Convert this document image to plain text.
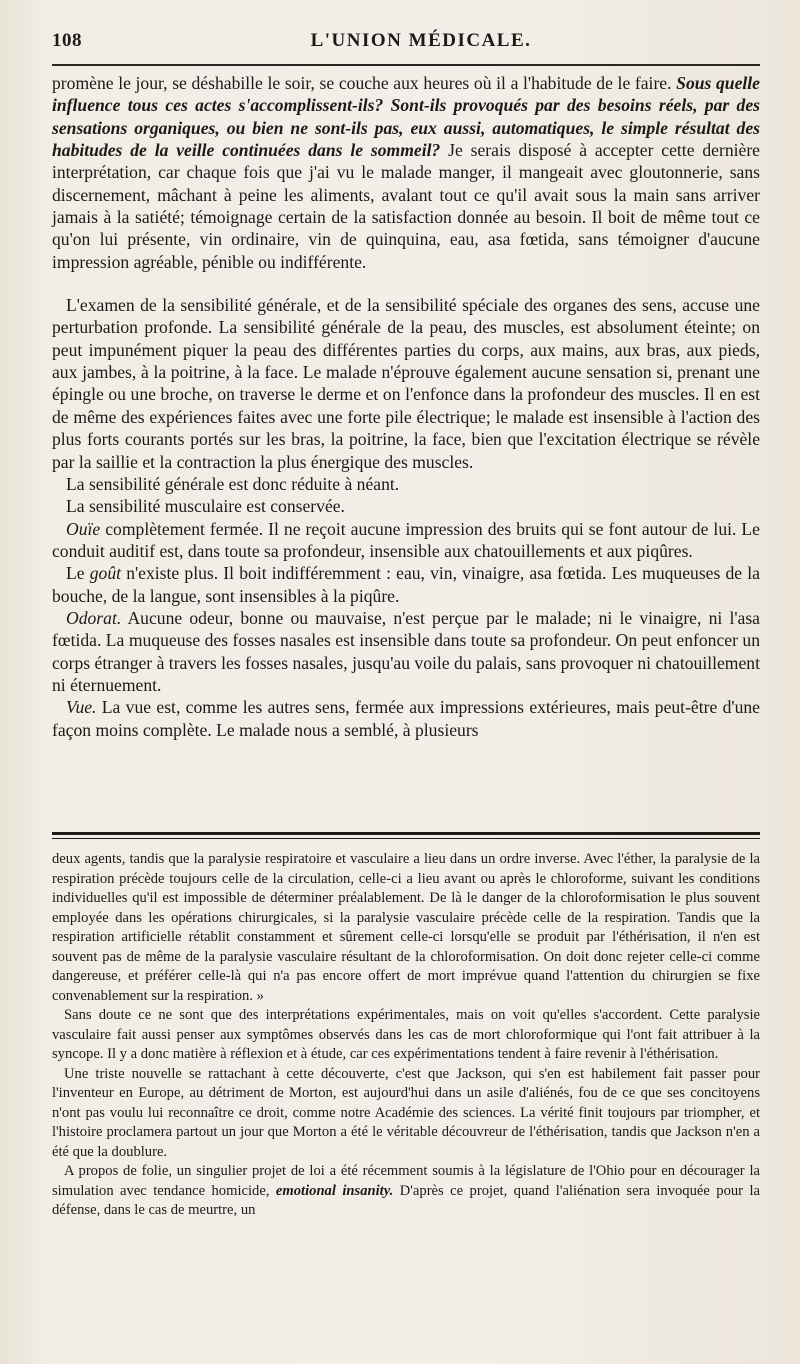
108	L'UNION MÉDICALE.

promène le jour, se déshabille le soir, se couche aux heures où il a l'habitude de le faire. Sous quelle influence tous ces actes s'accomplissent-ils? Sont-ils provoqués par des besoins réels, par des sensations organiques, ou bien ne sont-ils pas, eux aussi, automatiques, le simple résultat des habitudes de la veille continuées dans le sommeil? Je serais disposé à accepter cette dernière interprétation, car chaque fois que j'ai vu le malade manger, il mangeait avec gloutonnerie, sans discernement, mâchant à peine les aliments, avalant tout ce qu'il avait sous la main sans arriver jamais à la satiété; témoignage certain de la satisfaction donnée au besoin. Il boit de même tout ce qu'on lui présente, vin ordinaire, vin de quinquina, eau, asa fœtida, sans témoigner d'aucune impression agréable, pénible ou indifférente.

L'examen de la sensibilité générale, et de la sensibilité spéciale des organes des sens, accuse une perturbation profonde. La sensibilité générale de la peau, des muscles, est absolument éteinte; on peut impunément piquer la peau des différentes parties du corps, aux mains, aux bras, aux pieds, aux jambes, à la poitrine, à la face. Le malade n'éprouve également aucune sensation si, prenant une épingle ou une broche, on traverse le derme et on l'enfonce dans la profondeur des muscles. Il en est de même des expériences faites avec une forte pile électrique; le malade est insensible à l'action des plus forts courants portés sur les bras, la poitrine, la face, bien que l'excitation électrique se révèle par la saillie et la contraction la plus énergique des muscles.

La sensibilité générale est donc réduite à néant.

La sensibilité musculaire est conservée.

Ouïe complètement fermée. Il ne reçoit aucune impression des bruits qui se font autour de lui. Le conduit auditif est, dans toute sa profondeur, insensible aux chatouillements et aux piqûres.

Le goût n'existe plus. Il boit indifféremment : eau, vin, vinaigre, asa fœtida. Les muqueuses de la bouche, de la langue, sont insensibles à la piqûre.

Odorat. Aucune odeur, bonne ou mauvaise, n'est perçue par le malade; ni le vinaigre, ni l'asa fœtida. La muqueuse des fosses nasales est insensible dans toute sa profondeur. On peut enfoncer un corps étranger à travers les fosses nasales, jusqu'au voile du palais, sans provoquer ni chatouillement ni éternuement.

Vue. La vue est, comme les autres sens, fermée aux impressions extérieures, mais peut-être d'une façon moins complète. Le malade nous a semblé, à plusieurs

deux agents, tandis que la paralysie respiratoire et vasculaire a lieu dans un ordre inverse. Avec l'éther, la paralysie de la respiration précède toujours celle de la circulation, celle-ci a lieu avant ou après le chloroforme, suivant les conditions individuelles qu'il est impossible de déterminer préalablement. De là le danger de la chloroformisation le plus souvent employée dans les opérations chirurgicales, si la paralysie vasculaire précède celle de la respiration. Tandis que la respiration artificielle rétablit constamment et sûrement celle-ci lorsqu'elle se produit par l'éthérisation, il n'en est souvent pas de même de la paralysie vasculaire résultant de la chloroformisation. On doit donc rejeter celle-ci comme dangereuse, et préférer celle-là qui n'a pas encore offert de mort imprévue quand l'attention du chirurgien se fixe convenablement sur la respiration. »

Sans doute ce ne sont que des interprétations expérimentales, mais on voit qu'elles s'accordent. Cette paralysie vasculaire fait aussi penser aux symptômes observés dans les cas de mort chloroformique qui l'ont fait attribuer à la syncope. Il y a donc matière à réflexion et à étude, car ces expérimentations tendent à faire revenir à l'éthérisation.

Une triste nouvelle se rattachant à cette découverte, c'est que Jackson, qui s'en est habilement fait passer pour l'inventeur en Europe, au détriment de Morton, est aujourd'hui dans un asile d'aliénés, fou de ce que ses concitoyens n'ont pas voulu lui reconnaître ce droit, comme notre Académie des sciences. La vérité finit toujours par triompher, et l'histoire proclamera partout un jour que Morton a été le véritable découvreur de l'éthérisation, tandis que Jackson n'en a été que la doublure.

A propos de folie, un singulier projet de loi a été récemment soumis à la législature de l'Ohio pour en décourager la simulation avec tendance homicide, emotional insanity. D'après ce projet, quand l'aliénation sera invoquée pour la défense, dans le cas de meurtre, un
